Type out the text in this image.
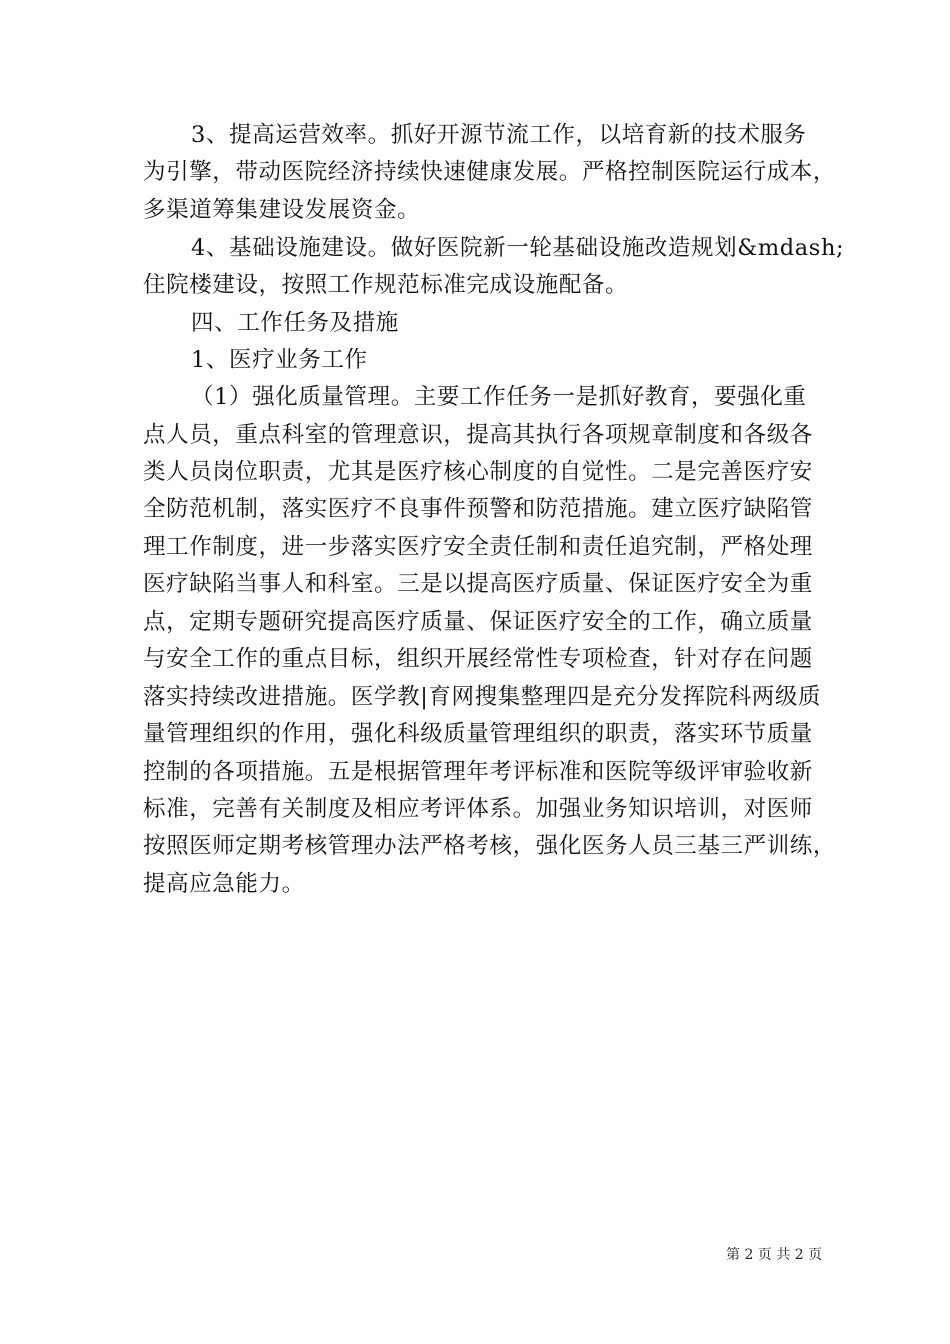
3、提高运营效率。抓好开源节流工作，以培育新的技术服务
为引擎，带动医院经济持续快速健康发展。严格控制医院运行成本，
多渠道筹集建设发展资金。
4、基础设施建设。做好医院新一轮基础设施改造规划&mdash;
住院楼建设，按照工作规范标准完成设施配备。
四、工作任务及措施
1、医疗业务工作
（1）强化质量管理。主要工作任务一是抓好教育，要强化重
点人员，重点科室的管理意识，提高其执行各项规章制度和各级各
类人员岗位职责，尤其是医疗核心制度的自觉性。二是完善医疗安
全防范机制，落实医疗不良事件预警和防范措施。建立医疗缺陷管
理工作制度，进一步落实医疗安全责任制和责任追究制，严格处理
医疗缺陷当事人和科室。三是以提高医疗质量、保证医疗安全为重
点，定期专题研究提高医疗质量、保证医疗安全的工作，确立质量
与安全工作的重点目标，组织开展经常性专项检查，针对存在问题
落实持续改进措施。医学教|育网搜集整理四是充分发挥院科两级质
量管理组织的作用，强化科级质量管理组织的职责，落实环节质量
控制的各项措施。五是根据管理年考评标准和医院等级评审验收新
标准，完善有关制度及相应考评体系。加强业务知识培训，对医师
按照医师定期考核管理办法严格考核，强化医务人员三基三严训练，
提高应急能力。
第 2 页 共 2 页
